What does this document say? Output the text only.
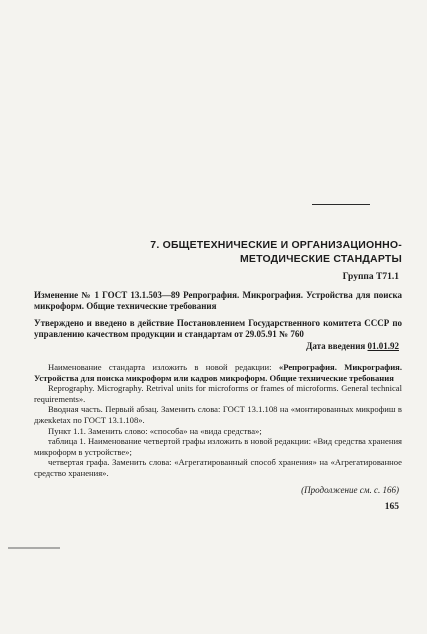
7. ОБЩЕТЕХНИЧЕСКИЕ И ОРГАНИЗАЦИОННО-МЕТОДИЧЕСКИЕ СТАНДАРТЫ
Группа Т71.1
Изменение № 1 ГОСТ 13.1.503—89 Репрография. Микрография. Устройства для поиска микроформ. Общие технические требования
Утверждено и введено в действие Постановлением Государственного комитета СССР по управлению качеством продукции и стандартам от 29.05.91 № 760
Дата введения 01.01.92

Наименование стандарта изложить в новой редакции: «Репрография. Микрография. Устройства для поиска микроформ или кадров микроформ. Общие технические требования

Reprography. Micrography. Retrival units for microforms or frames of microforms. General technical requirements».

Вводная часть. Первый абзац. Заменить слова: ГОСТ 13.1.108 на «монтированных микрофиш в джекketах по ГОСТ 13.1.108».

Пункт 1.1. Заменить слово: «способа» на «вида средства»;

таблица 1. Наименование четвертой графы изложить в новой редакции: «Вид средства хранения микроформ в устройстве»;

четвертая графа. Заменить слова: «Агрегатированный способ хранения» на «Агрегатированное средство хранения».

(Продолжение см. с. 166)
165
